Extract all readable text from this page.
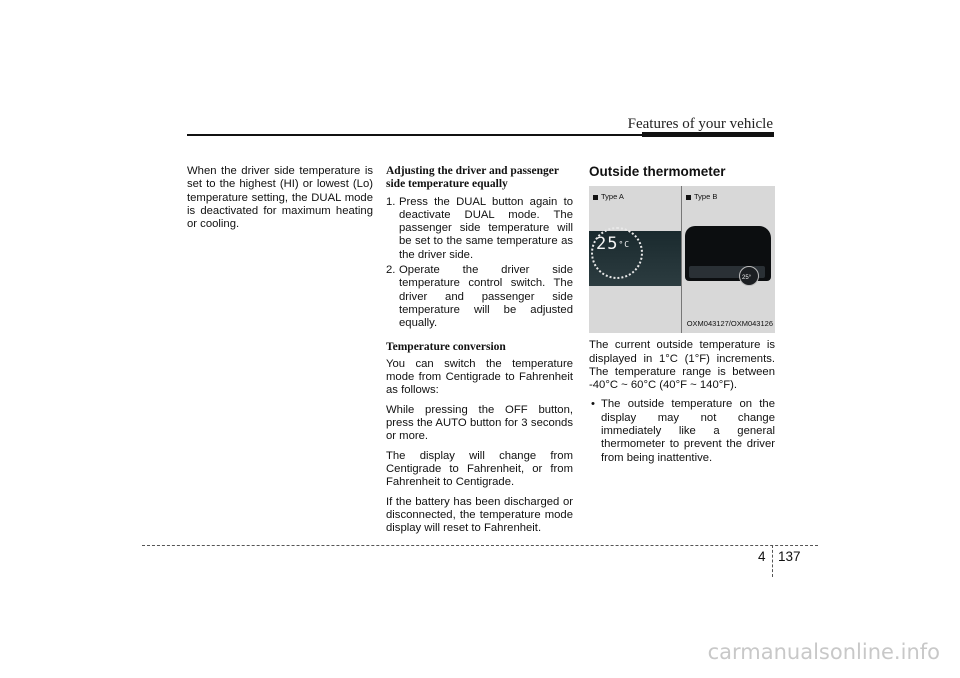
Features of your vehicle

When the driver side temperature is set to the highest (HI) or lowest (Lo) temperature setting, the DUAL mode is deactivated for maximum heating or cooling.

Adjusting the driver and passenger side temperature equally
1. Press the DUAL button again to deactivate DUAL mode. The passenger side temperature will be set to the same temperature as the driver side.
2. Operate the driver side temperature control switch. The driver and passenger side temperature will be adjusted equally.
Temperature conversion

You can switch the temperature mode from Centigrade to Fahrenheit as follows:

While pressing the OFF button, press the AUTO button for 3 seconds or more.

The display will change from Centigrade to Fahrenheit, or from Fahrenheit to Centigrade.

If the battery has been discharged or disconnected, the temperature mode display will reset to Fahrenheit.

Outside thermometer
Type A	Type B
$25^{^\circ C}$
25°
OXM043127/OXM043126

The current outside temperature is displayed in 1°C (1°F) increments. The temperature range is between -40°C ~ 60°C (40°F ~ 140°F).

• The outside temperature on the display may not change immediately like a general thermometer to prevent the driver from being inattentive.
4 137
carmanualsonline.info
